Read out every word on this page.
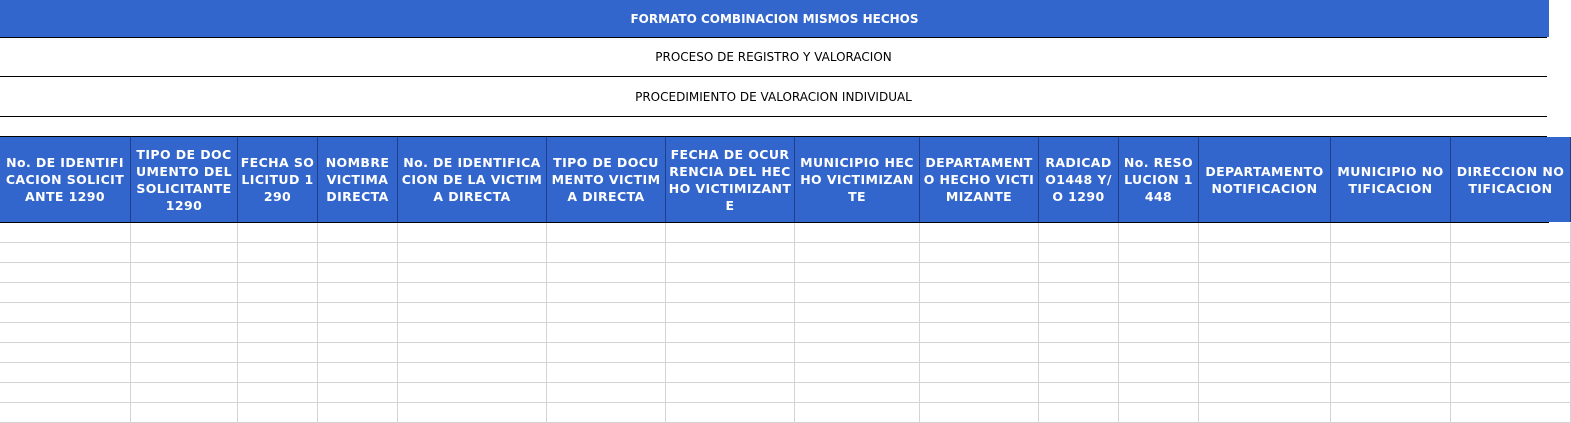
FORMATO COMBINACION MISMOS HECHOS
PROCESO DE REGISTRO Y VALORACION
PROCEDIMIENTO DE VALORACION INDIVIDUAL
No. DE IDENTIFICACION SOLICITANTE 1290
TIPO DE DOCUMENTO DEL SOLICITANTE 1290
FECHA SOLICITUD 1290
NOMBRE VICTIMA DIRECTA
No. DE IDENTIFICACION DE LA VICTIMA DIRECTA
TIPO DE DOCUMENTO VICTIMA DIRECTA
FECHA DE OCURRENCIA DEL HECHO VICTIMIZANTE
MUNICIPIO HECHO VICTIMIZANTE
DEPARTAMENTO HECHO VICTIMIZANTE
RADICADO1448 Y/O 1290
No. RESOLUCION 1448
DEPARTAMENTO NOTIFICACION
MUNICIPIO NOTIFICACION
DIRECCION NOTIFICACION
